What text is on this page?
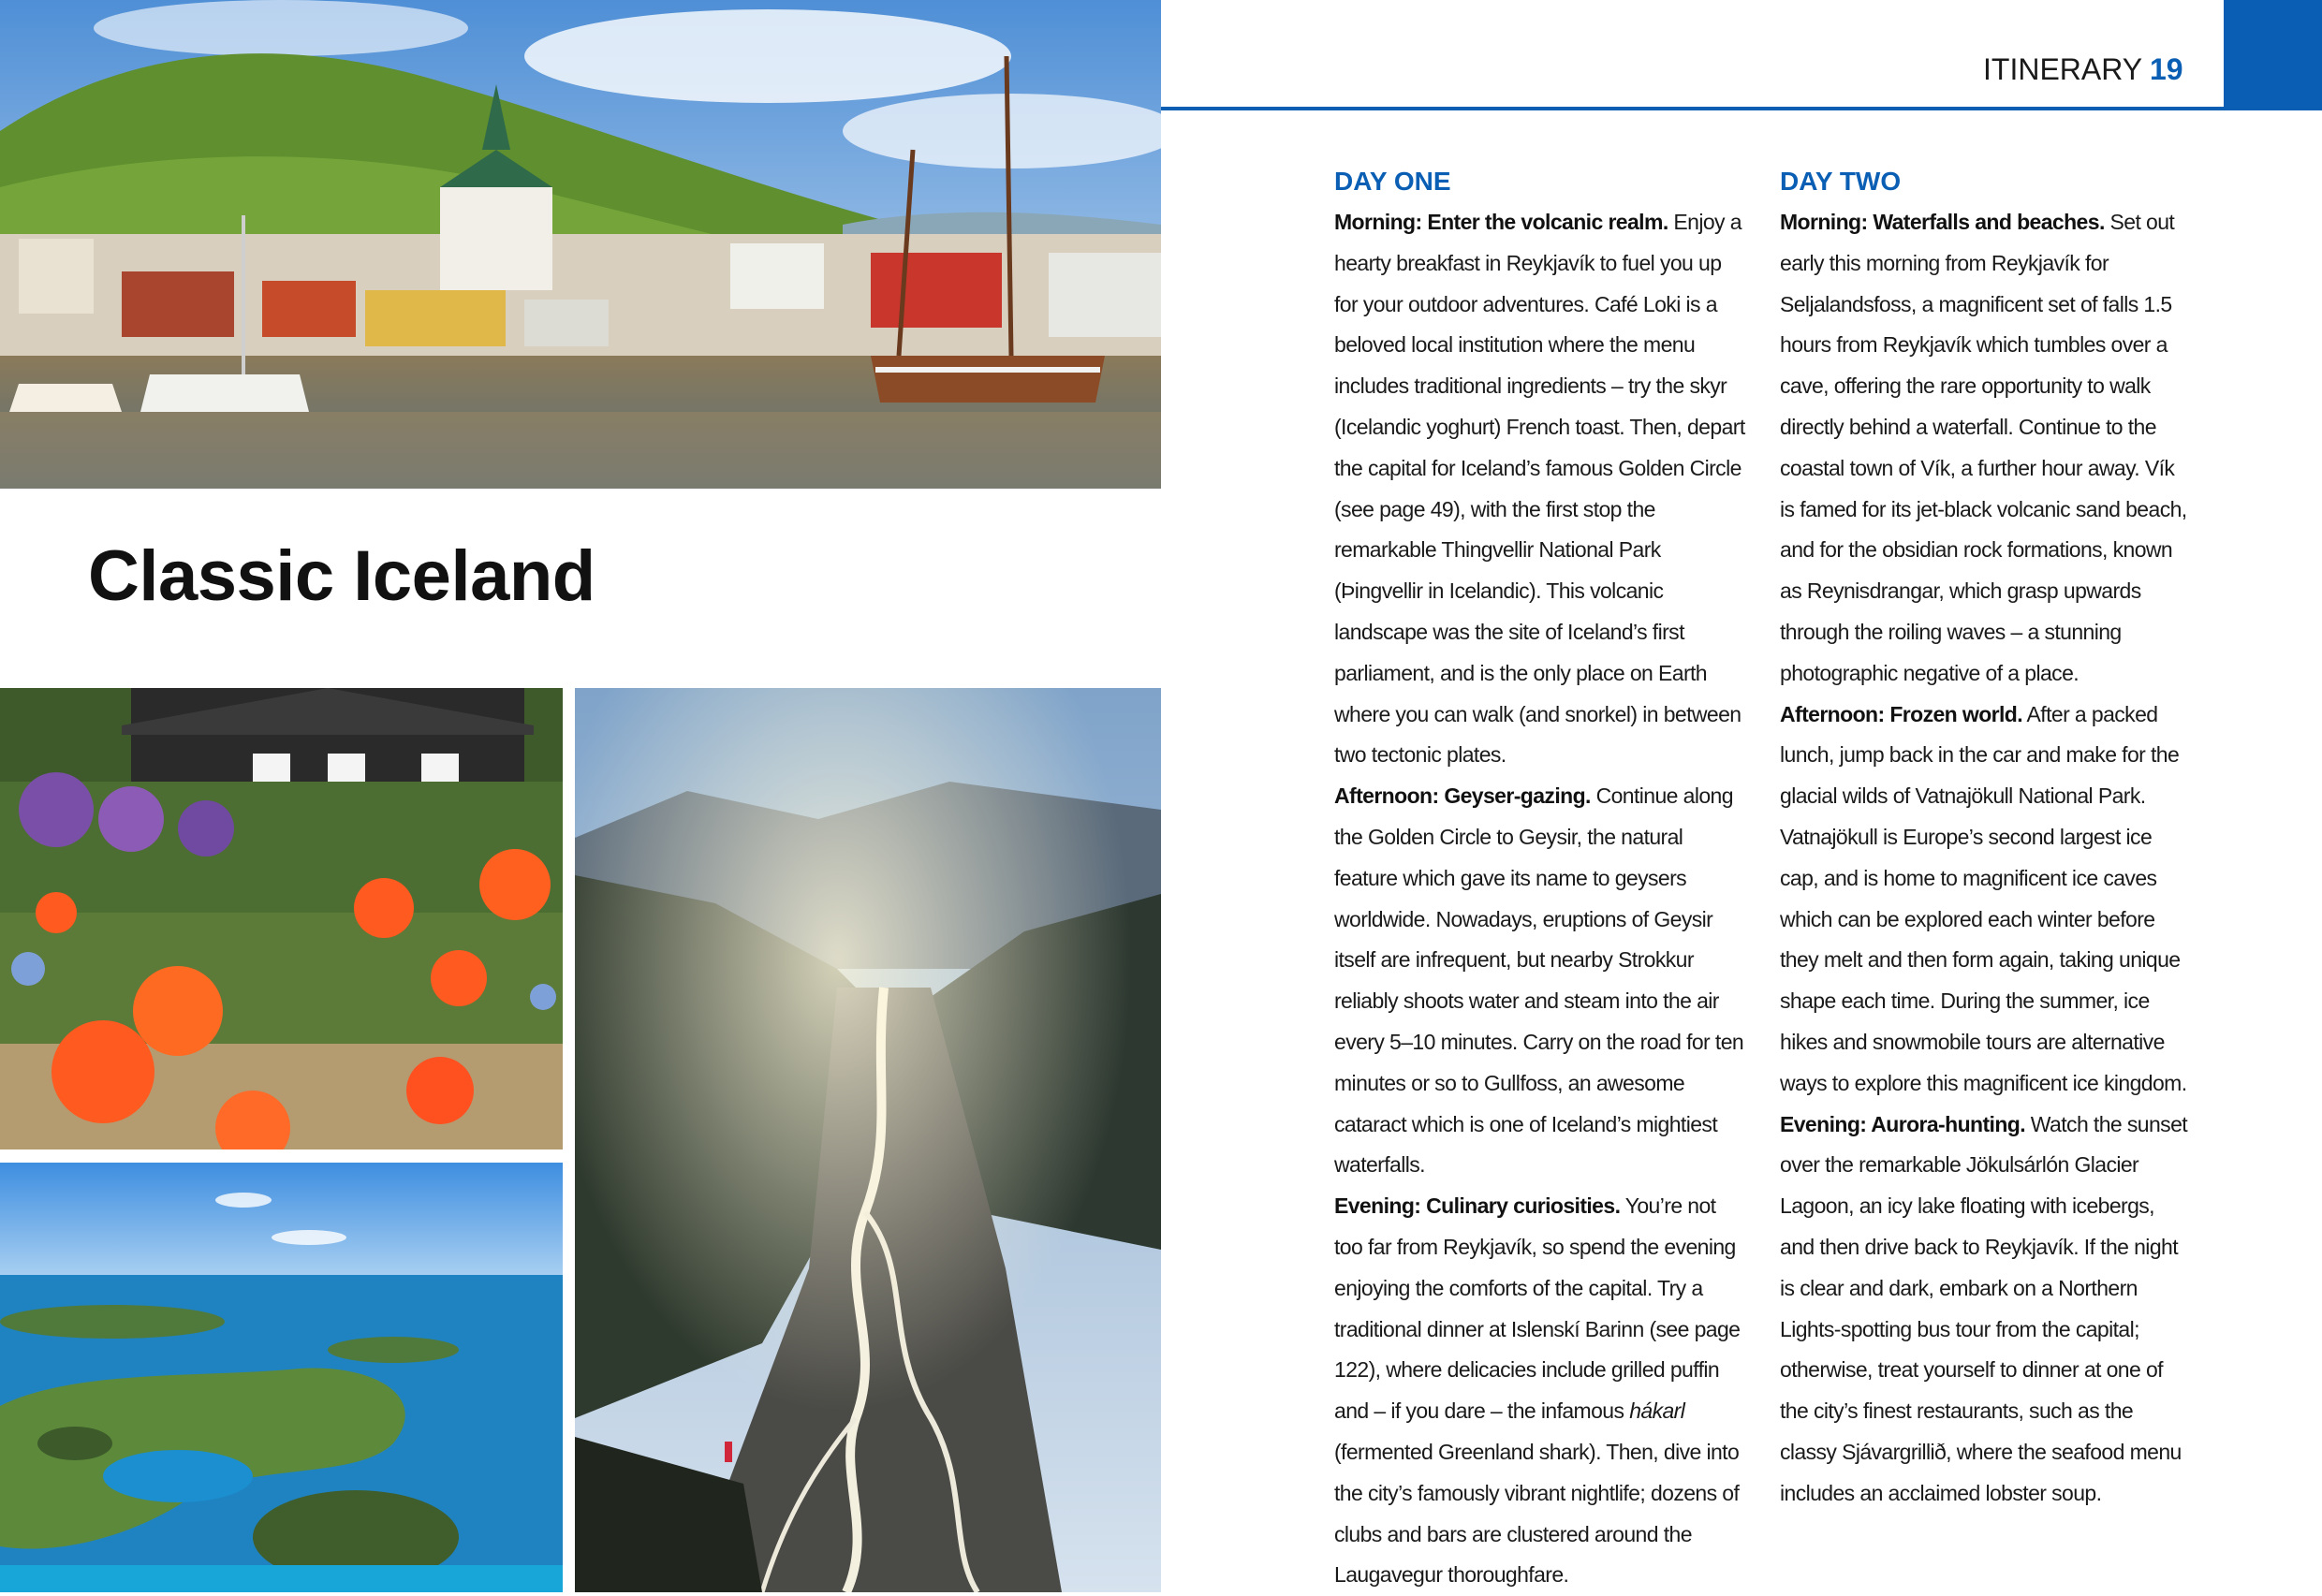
Classic Iceland
ITINERARY 19
DAY ONE

Morning: Enter the volcanic realm. Enjoy a hearty breakfast in Reykjavík to fuel you up for your outdoor adventures. Café Loki is a beloved local institution where the menu includes traditional ingredients – try the skyr (Icelandic yoghurt) French toast. Then, depart the capital for Iceland’s famous Golden Circle (see page 49), with the first stop the remarkable Thingvellir National Park (Þingvellir in Icelandic). This volcanic landscape was the site of Iceland’s first parliament, and is the only place on Earth where you can walk (and snorkel) in between two tectonic plates.

Afternoon: Geyser-gazing. Continue along the Golden Circle to Geysir, the natural feature which gave its name to geysers worldwide. Nowadays, eruptions of Geysir itself are infrequent, but nearby Strokkur reliably shoots water and steam into the air every 5–10 minutes. Carry on the road for ten minutes or so to Gullfoss, an awesome cataract which is one of Iceland’s mightiest waterfalls.

Evening: Culinary curiosities. You’re not too far from Reykjavík, so spend the evening enjoying the comforts of the capital. Try a traditional dinner at Islenskí Barinn (see page 122), where delicacies include grilled puffin and – if you dare – the infamous hákarl (fermented Greenland shark). Then, dive into the city’s famously vibrant nightlife; dozens of clubs and bars are clustered around the Laugavegur thoroughfare.

DAY TWO

Morning: Waterfalls and beaches. Set out early this morning from Reykjavík for Seljalandsfoss, a magnificent set of falls 1.5 hours from Reykjavík which tumbles over a cave, offering the rare opportunity to walk directly behind a waterfall. Continue to the coastal town of Vík, a further hour away. Vík is famed for its jet-black volcanic sand beach, and for the obsidian rock formations, known as Reynisdrangar, which grasp upwards through the roiling waves – a stunning photographic negative of a place.

Afternoon: Frozen world. After a packed lunch, jump back in the car and make for the glacial wilds of Vatnajökull National Park. Vatnajökull is Europe’s second largest ice cap, and is home to magnificent ice caves which can be explored each winter before they melt and then form again, taking unique shape each time. During the summer, ice hikes and snowmobile tours are alternative ways to explore this magnificent ice kingdom.

Evening: Aurora-hunting. Watch the sunset over the remarkable Jökulsárlón Glacier Lagoon, an icy lake floating with icebergs, and then drive back to Reykjavík. If the night is clear and dark, embark on a Northern Lights-spotting bus tour from the capital; otherwise, treat yourself to dinner at one of the city’s finest restaurants, such as the classy Sjávargrillið, where the seafood menu includes an acclaimed lobster soup.
